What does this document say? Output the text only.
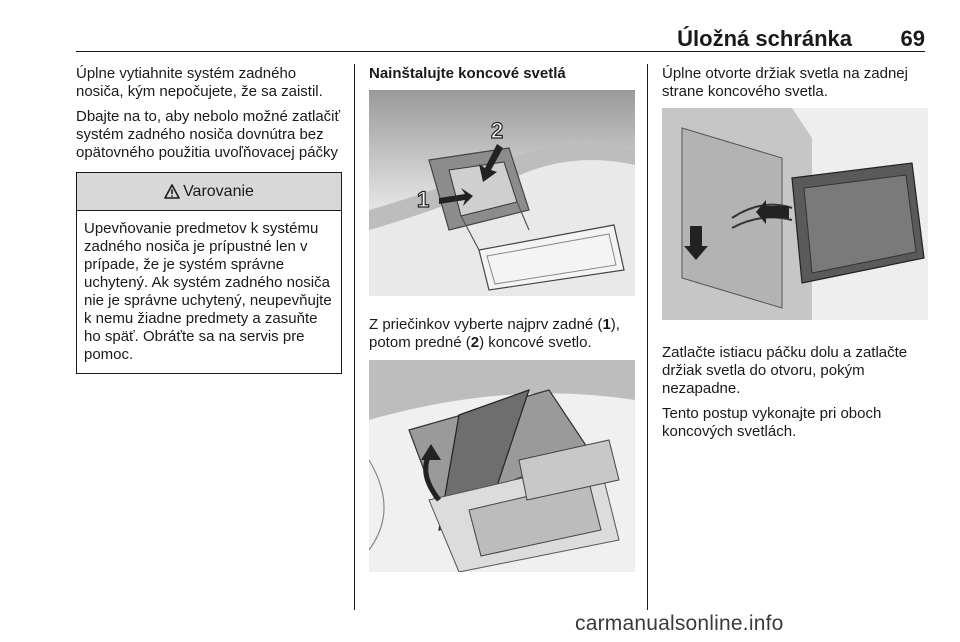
Úložná schránka 69

Úplne vytiahnite systém zadného nosiča, kým nepočujete, že sa zaistil.

Dbajte na to, aby nebolo možné zatlačiť systém zadného nosiča dovnútra bez opätovného použitia uvoľňovacej páčky

Varovanie
Upevňovanie predmetov k systému zadného nosiča je prípustné len v prípade, že je systém správne uchytený. Ak systém zadného nosiča nie je správne uchytený, neupevňujte k nemu žiadne predmety a zasuňte ho späť. Obráťte sa na servis pre pomoc.

Nainštalujte koncové svetlá

1
2

Z priečinkov vyberte najprv zadné (1), potom predné (2) koncové svetlo.

Úplne otvorte držiak svetla na zadnej strane koncového svetla.

Zatlačte istiacu páčku dolu a zatlačte držiak svetla do otvoru, pokým nezapadne.

Tento postup vykonajte pri oboch koncových svetlách.

carmanualsonline.info
